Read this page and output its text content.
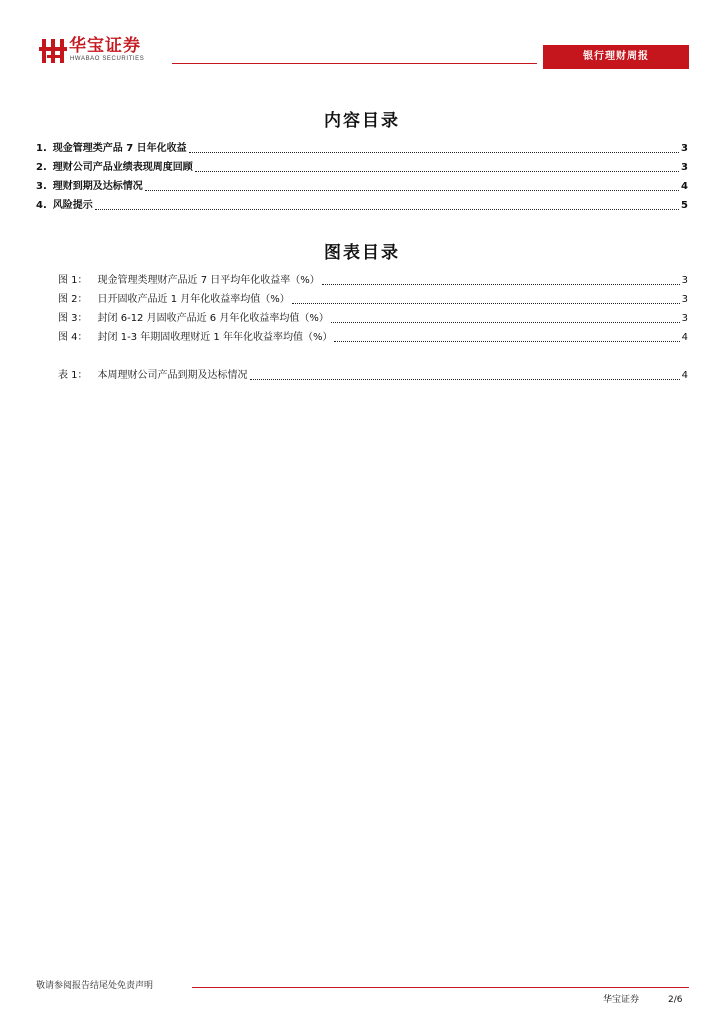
华宝证券
HWABAO SECURITIES	银行理财周报
内容目录
1. 现金管理类产品 7 日年化收益	3
2. 理财公司产品业绩表现周度回顾	3
3. 理财到期及达标情况	4
4. 风险提示	5
图表目录
图 1： 现金管理类理财产品近 7 日平均年化收益率（%）	3
图 2： 日开固收产品近 1 月年化收益率均值（%）	3
图 3： 封闭 6-12 月固收产品近 6 月年化收益率均值（%）	3
图 4： 封闭 1-3 年期固收理财近 1 年年化收益率均值（%）	4
表 1： 本周理财公司产品到期及达标情况	4
敬请参阅报告结尾处免责声明
华宝证券	2/6
